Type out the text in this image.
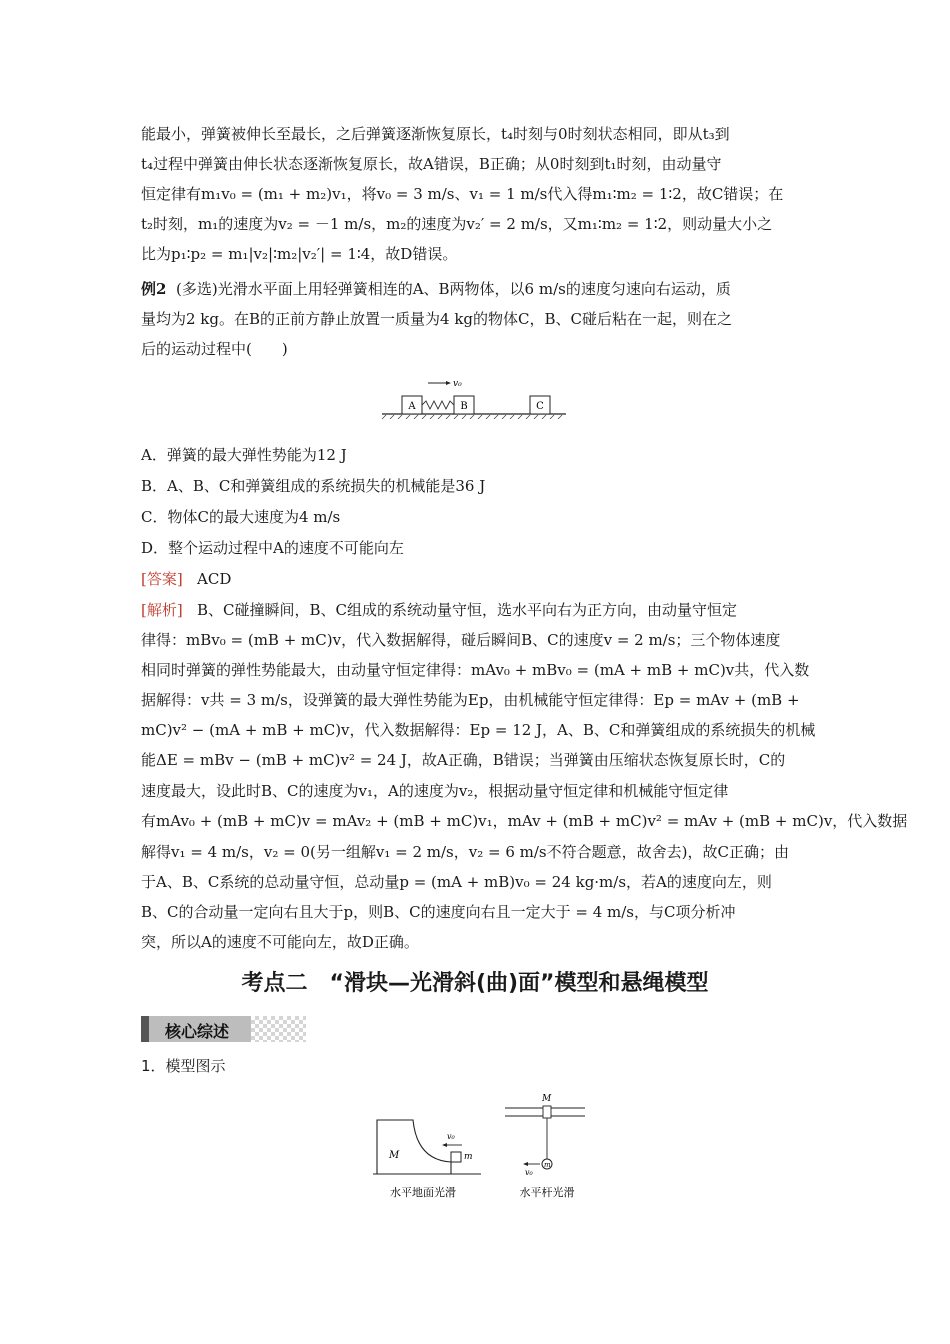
能最小，弹簧被伸长至最长，之后弹簧逐渐恢复原长，t₄时刻与0时刻状态相同，即从t₃到
t₄过程中弹簧由伸长状态逐渐恢复原长，故A错误，B正确；从0时刻到t₁时刻，由动量守
恒定律有m₁v₀ = (m₁ + m₂)v₁，将v₀ = 3 m/s、v₁ = 1 m/s代入得m₁∶m₂ = 1∶2，故C错误；在
t₂时刻，m₁的速度为v₂ = －1 m/s，m₂的速度为v₂′ = 2 m/s，又m₁∶m₂ = 1∶2，则动量大小之
比为p₁∶p₂ = m₁|v₂|∶m₂|v₂′| = 1∶4，故D错误。
例2 (多选)光滑水平面上用轻弹簧相连的A、B两物体，以6 m/s的速度匀速向右运动，质
量均为2 kg。在B的正前方静止放置一质量为4 kg的物体C，B、C碰后粘在一起，则在之
后的运动过程中(　　)
A	B	C
v₀
A．弹簧的最大弹性势能为12 J
B．A、B、C和弹簧组成的系统损失的机械能是36 J
C．物体C的最大速度为4 m/s
D．整个运动过程中A的速度不可能向左
[答案] ACD
[解析] B、C碰撞瞬间，B、C组成的系统动量守恒，选水平向右为正方向，由动量守恒定
律得：mBv₀ = (mB + mC)v，代入数据解得，碰后瞬间B、C的速度v = 2 m/s；三个物体速度
相同时弹簧的弹性势能最大，由动量守恒定律得：mAv₀ + mBv₀ = (mA + mB + mC)v共，代入数
据解得：v共 = 3 m/s，设弹簧的最大弹性势能为Ep，由机械能守恒定律得：Ep = mAv + (mB +
mC)v² − (mA + mB + mC)v，代入数据解得：Ep = 12 J，A、B、C和弹簧组成的系统损失的机械
能ΔE = mBv − (mB + mC)v² = 24 J，故A正确，B错误；当弹簧由压缩状态恢复原长时，C的
速度最大，设此时B、C的速度为v₁，A的速度为v₂，根据动量守恒定律和机械能守恒定律
有mAv₀ + (mB + mC)v = mAv₂ + (mB + mC)v₁，mAv + (mB + mC)v² = mAv + (mB + mC)v，代入数据
解得v₁ = 4 m/s，v₂ = 0(另一组解v₁ = 2 m/s，v₂ = 6 m/s不符合题意，故舍去)，故C正确；由
于A、B、C系统的总动量守恒，总动量p = (mA + mB)v₀ = 24 kg·m/s，若A的速度向左，则
B、C的合动量一定向右且大于p，则B、C的速度向右且一定大于 = 4 m/s，与C项分析冲
突，所以A的速度不可能向左，故D正确。
考点二　“滑块—光滑斜(曲)面”模型和悬绳模型
核心综述
1．模型图示
M	m
v₀
水平地面光滑
M
m
v₀
水平杆光滑
